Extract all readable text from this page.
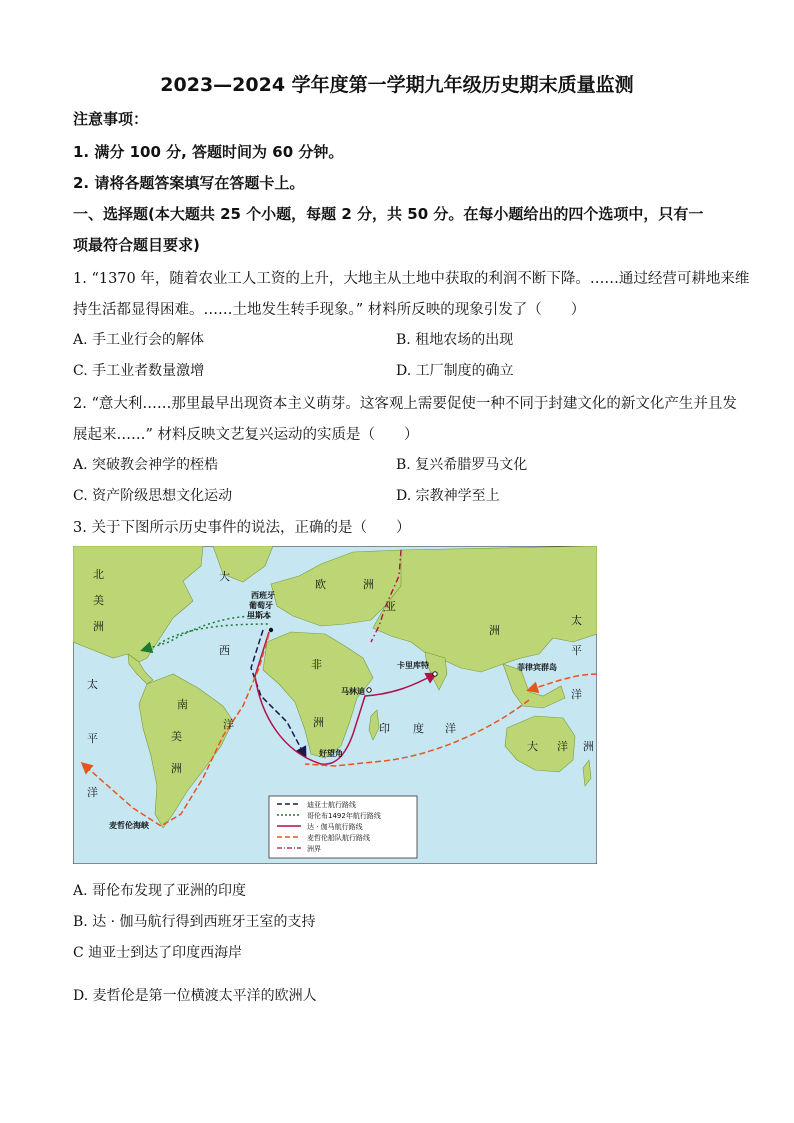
2023—2024 学年度第一学期九年级历史期末质量监测
注意事项：
1. 满分 100 分, 答题时间为 60 分钟。
2. 请将各题答案填写在答题卡上。
一、选择题(本大题共 25 个小题，每题 2 分，共 50 分。在每小题给出的四个选项中，只有一
项最符合题目要求)
1. “1370 年，随着农业工人工资的上升，大地主从土地中获取的利润不断下降。……通过经营可耕地来维
持生活都显得困难。……土地发生转手现象。” 材料所反映的现象引发了（　　）
A. 手工业行会的解体	B. 租地农场的出现
C. 手工业者数量激增	D. 工厂制度的确立
2. “意大利……那里最早出现资本主义萌芽。这客观上需要促使一种不同于封建文化的新文化产生并且发
展起来……” 材料反映文艺复兴运动的实质是（　　）
A. 突破教会神学的桎梏	B. 复兴希腊罗马文化
C. 资产阶级思想文化运动	D. 宗教神学至上
3. 关于下图所示历史事件的说法，正确的是（　　）
北
美
洲
南
美
洲
欧	洲
非
洲
亚
洲
大 洋 洲
大
西
洋
太
平
洋
太
平
洋
印 度 洋
西班牙
葡萄牙
里斯本
卡里库特
马林迪
好望角
菲律宾群岛
麦哲伦海峡
迪亚士航行路线
哥伦布1492年航行路线
达 · 伽马航行路线
麦哲伦船队航行路线
洲界
A. 哥伦布发现了亚洲的印度
B. 达 · 伽马航行得到西班牙王室的支持
C 迪亚士到达了印度西海岸
D. 麦哲伦是第一位横渡太平洋的欧洲人
